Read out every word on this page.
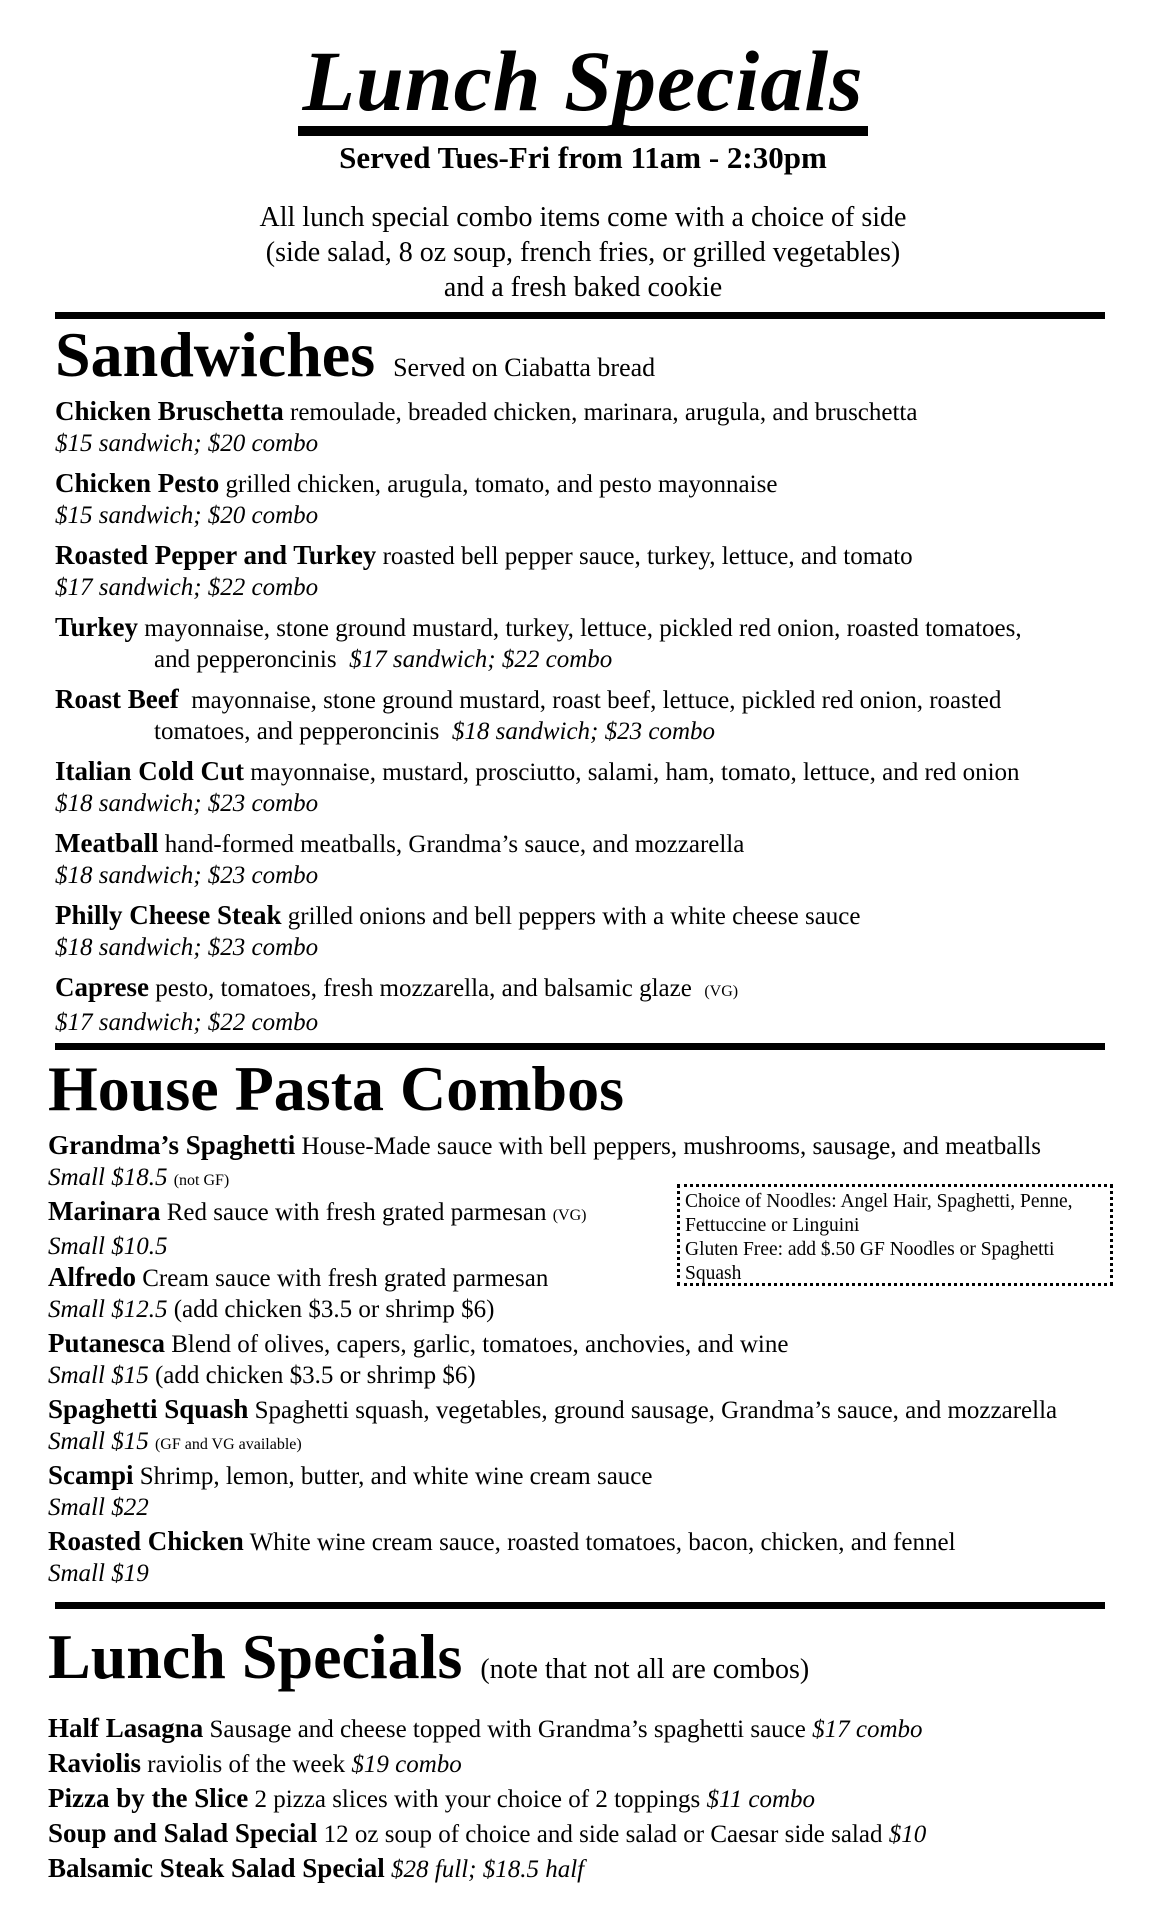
Lunch Specials
Served Tues-Fri from 11am - 2:30pm
All lunch special combo items come with a choice of side
(side salad, 8 oz soup, french fries, or grilled vegetables)
and a fresh baked cookie
Sandwiches Served on Ciabatta bread
Chicken Bruschetta remoulade, breaded chicken, marinara, arugula, and bruschetta
$15 sandwich; $20 combo
Chicken Pesto grilled chicken, arugula, tomato, and pesto mayonnaise
$15 sandwich; $20 combo
Roasted Pepper and Turkey roasted bell pepper sauce, turkey, lettuce, and tomato
$17 sandwich; $22 combo
Turkey mayonnaise, stone ground mustard, turkey, lettuce, pickled red onion, roasted tomatoes,
and pepperoncinis $17 sandwich; $22 combo
Roast Beef mayonnaise, stone ground mustard, roast beef, lettuce, pickled red onion, roasted
tomatoes, and pepperoncinis $18 sandwich; $23 combo
Italian Cold Cut mayonnaise, mustard, prosciutto, salami, ham, tomato, lettuce, and red onion
$18 sandwich; $23 combo
Meatball hand-formed meatballs, Grandma’s sauce, and mozzarella
$18 sandwich; $23 combo
Philly Cheese Steak grilled onions and bell peppers with a white cheese sauce
$18 sandwich; $23 combo
Caprese pesto, tomatoes, fresh mozzarella, and balsamic glaze (VG)
$17 sandwich; $22 combo
House Pasta Combos
Grandma’s Spaghetti House-Made sauce with bell peppers, mushrooms, sausage, and meatballs
Small $18.5 (not GF)
Marinara Red sauce with fresh grated parmesan (VG)
Small $10.5
Alfredo Cream sauce with fresh grated parmesan
Small $12.5 (add chicken $3.5 or shrimp $6)
Putanesca Blend of olives, capers, garlic, tomatoes, anchovies, and wine
Small $15 (add chicken $3.5 or shrimp $6)
Spaghetti Squash Spaghetti squash, vegetables, ground sausage, Grandma’s sauce, and mozzarella
Small $15 (GF and VG available)
Scampi Shrimp, lemon, butter, and white wine cream sauce
Small $22
Roasted Chicken White wine cream sauce, roasted tomatoes, bacon, chicken, and fennel
Small $19
Choice of Noodles: Angel Hair, Spaghetti, Penne,
Fettuccine or Linguini
Gluten Free: add $.50 GF Noodles or Spaghetti
Squash
Lunch Specials (note that not all are combos)
Half Lasagna Sausage and cheese topped with Grandma’s spaghetti sauce $17 combo
Raviolis raviolis of the week $19 combo
Pizza by the Slice 2 pizza slices with your choice of 2 toppings $11 combo
Soup and Salad Special 12 oz soup of choice and side salad or Caesar side salad $10
Balsamic Steak Salad Special $28 full; $18.5 half
